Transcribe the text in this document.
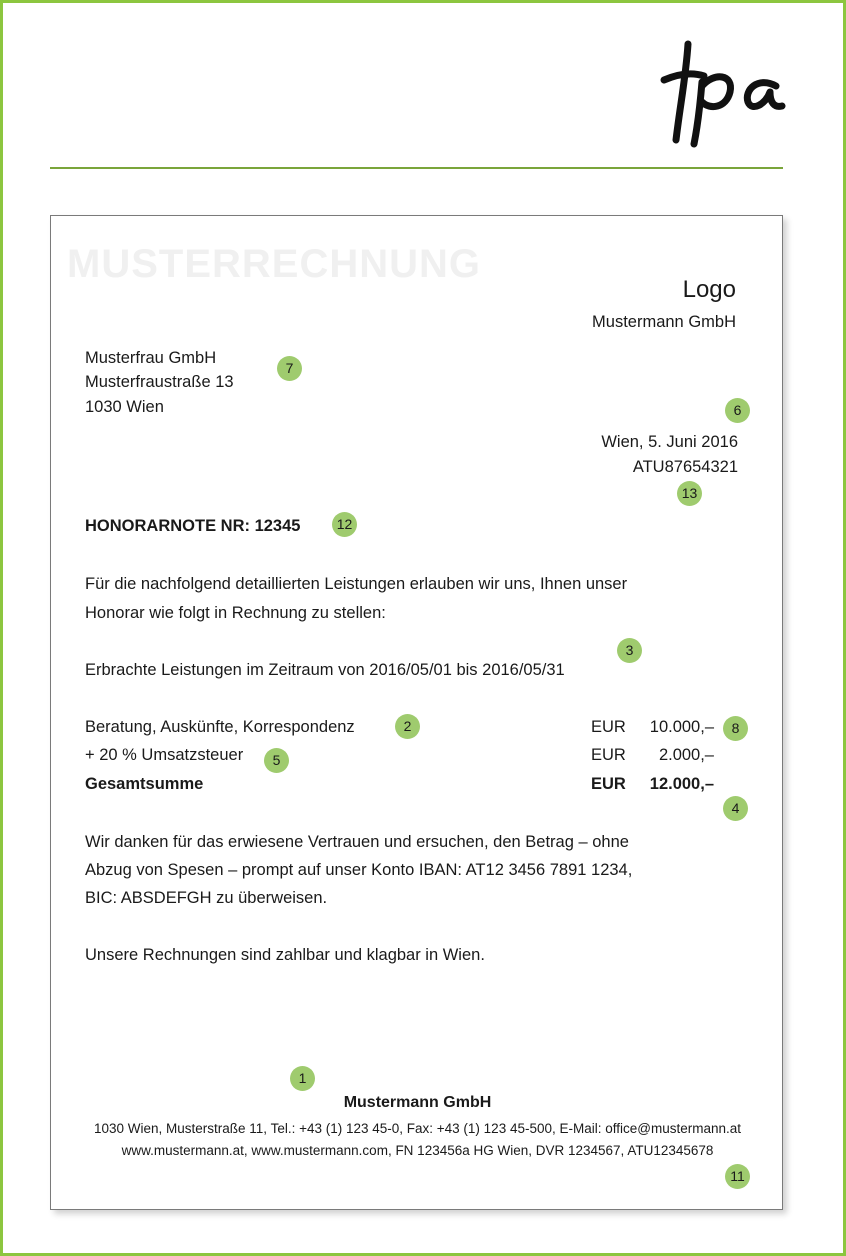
MUSTERRECHNUNG
Logo
Mustermann GmbH
Musterfrau GmbH
Musterfraustraße 13
1030 Wien
Wien, 5. Juni 2016
ATU87654321
HONORARNOTE NR: 12345
Für die nachfolgend detaillierten Leistungen erlauben wir uns, Ihnen unser
Honorar wie folgt in Rechnung zu stellen:
Erbrachte Leistungen im Zeitraum von 2016/05/01 bis 2016/05/31
Beratung, Auskünfte, Korrespondenz	EUR 10.000,–
+ 20 % Umsatzsteuer	EUR 2.000,–
Gesamtsumme	EUR 12.000,–
Wir danken für das erwiesene Vertrauen und ersuchen, den Betrag – ohne
Abzug von Spesen – prompt auf unser Konto IBAN: AT12 3456 7891 1234,
BIC: ABSDEFGH zu überweisen.
Unsere Rechnungen sind zahlbar und klagbar in Wien.
Mustermann GmbH
1030 Wien, Musterstraße 11, Tel.: +43 (1) 123 45-0, Fax: +43 (1) 123 45-500, E-Mail: office@mustermann.at
www.mustermann.at, www.mustermann.com, FN 123456a HG Wien, DVR 1234567, ATU12345678
1
2
3
4
5
6
7
8
11
12
13
